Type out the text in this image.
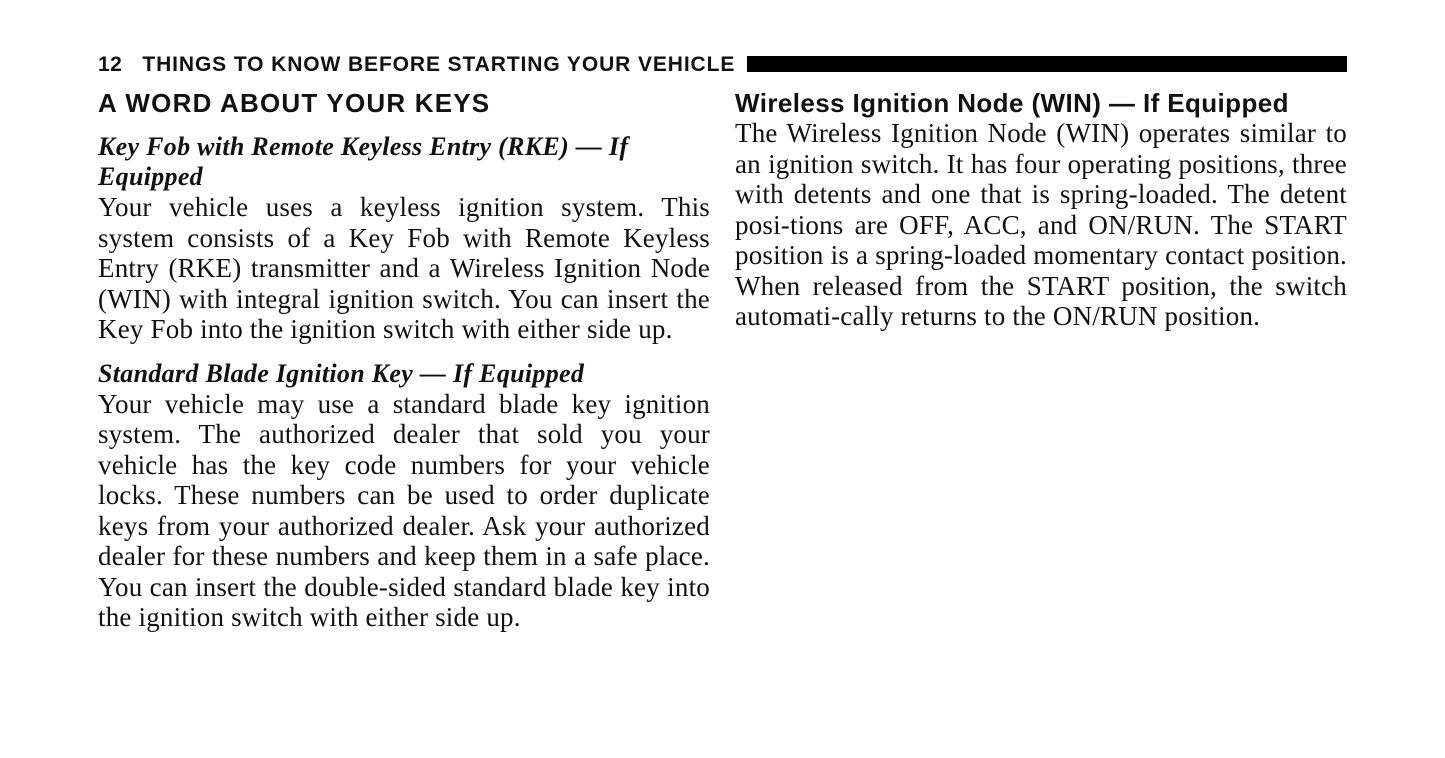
12 THINGS TO KNOW BEFORE STARTING YOUR VEHICLE
A WORD ABOUT YOUR KEYS
Key Fob with Remote Keyless Entry (RKE) — If Equipped

Your vehicle uses a keyless ignition system. This system consists of a Key Fob with Remote Keyless Entry (RKE) transmitter and a Wireless Ignition Node (WIN) with integral ignition switch. You can insert the Key Fob into the ignition switch with either side up.

Standard Blade Ignition Key — If Equipped

Your vehicle may use a standard blade key ignition system. The authorized dealer that sold you your vehicle has the key code numbers for your vehicle locks. These numbers can be used to order duplicate keys from your authorized dealer. Ask your authorized dealer for these numbers and keep them in a safe place. You can insert the double-sided standard blade key into the ignition switch with either side up.

Wireless Ignition Node (WIN) — If Equipped

The Wireless Ignition Node (WIN) operates similar to an ignition switch. It has four operating positions, three with detents and one that is spring-loaded. The detent posi-tions are OFF, ACC, and ON/RUN. The START position is a spring-loaded momentary contact position. When released from the START position, the switch automati-cally returns to the ON/RUN position.
